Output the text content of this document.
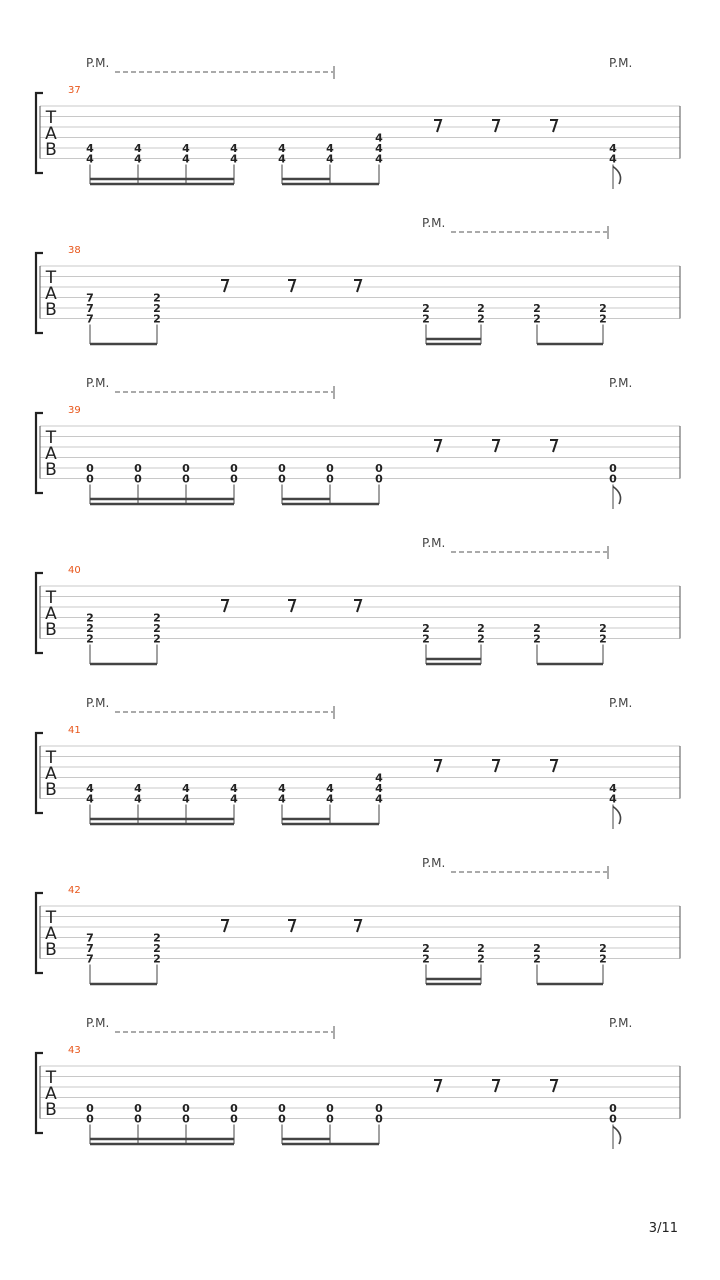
T
A
B
37
P.M.	P.M.
4
4
4
4
4
4
4
4
4
4
4
4
4
4
4
4
4
T
A
B
38
P.M.
7
7
7
2
2
2
2
2
2
2
2
2
2
2
T
A
B
39
P.M.	P.M.
0
0
0
0
0
0
0
0
0
0
0
0
0
0
0
0
T
A
B
40
P.M.
2
2
2
2
2
2
2
2
2
2
2
2
2
2
T
A
B
41
P.M.	P.M.
4
4
4
4
4
4
4
4
4
4
4
4
4
4
4
4
4
T
A
B
42
P.M.
7
7
7
2
2
2
2
2
2
2
2
2
2
2
T
A
B
43
P.M.	P.M.
0
0
0
0
0
0
0
0
0
0
0
0
0
0
0
0
3/11
